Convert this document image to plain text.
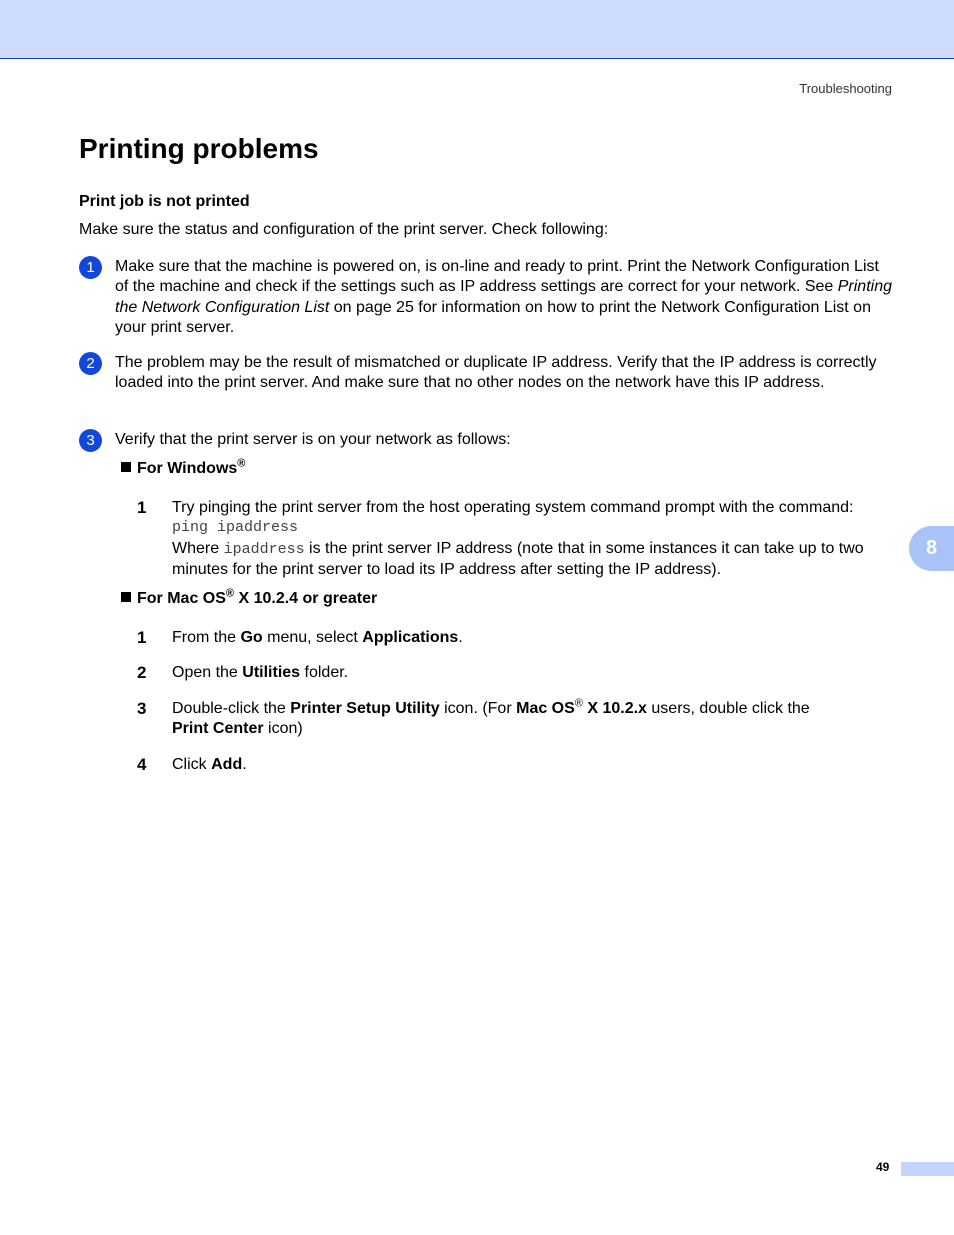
Troubleshooting
Printing problems

Print job is not printed

Make sure the status and configuration of the print server. Check following:

1	Make sure that the machine is powered on, is on-line and ready to print. Print the Network Configuration List of the machine and check if the settings such as IP address settings are correct for your network. See Printing the Network Configuration List on page 25 for information on how to print the Network Configuration List on your print server.
2	The problem may be the result of mismatched or duplicate IP address. Verify that the IP address is correctly loaded into the print server. And make sure that no other nodes on the network have this IP address.
3	Verify that the print server is on your network as follows:
For Windows®
1 Try pinging the print server from the host operating system command prompt with the command:
ping ipaddress
Where ipaddress is the print server IP address (note that in some instances it can take up to two minutes for the print server to load its IP address after setting the IP address).
For Mac OS® X 10.2.4 or greater
1 From the Go menu, select Applications.
2 Open the Utilities folder.
3 Double-click the Printer Setup Utility icon. (For Mac OS® X 10.2.x users, double click the
Print Center icon)
4 Click Add.
8
49
